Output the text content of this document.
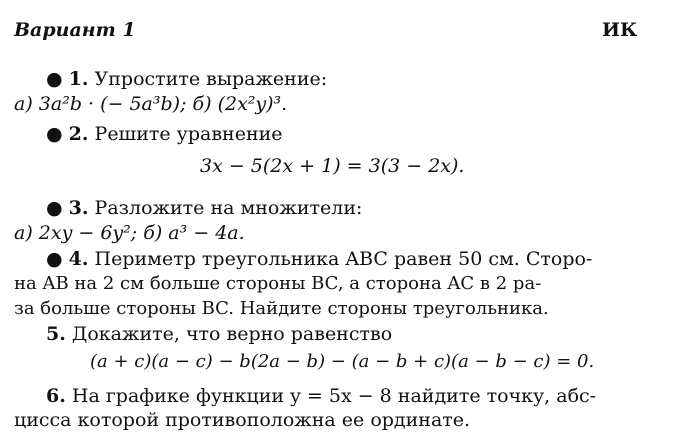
Вариант 1	ИК
● 1. Упростите выражение:
а) 3a²b · (− 5a³b); б) (2x²y)³.
● 2. Решите уравнение
3x − 5(2x + 1) = 3(3 − 2x).
● 3. Разложите на множители:
а) 2xy − 6y²; б) a³ − 4a.
● 4. Периметр треугольника ABC равен 50 см. Сторо-
на AB на 2 см больше стороны BC, а сторона AC в 2 ра-
за больше стороны BC. Найдите стороны треугольника.
5. Докажите, что верно равенство
(a + c)(a − c) − b(2a − b) − (a − b + c)(a − b − c) = 0.
6. На графике функции y = 5x − 8 найдите точку, абс-
цисса которой противоположна ее ординате.
